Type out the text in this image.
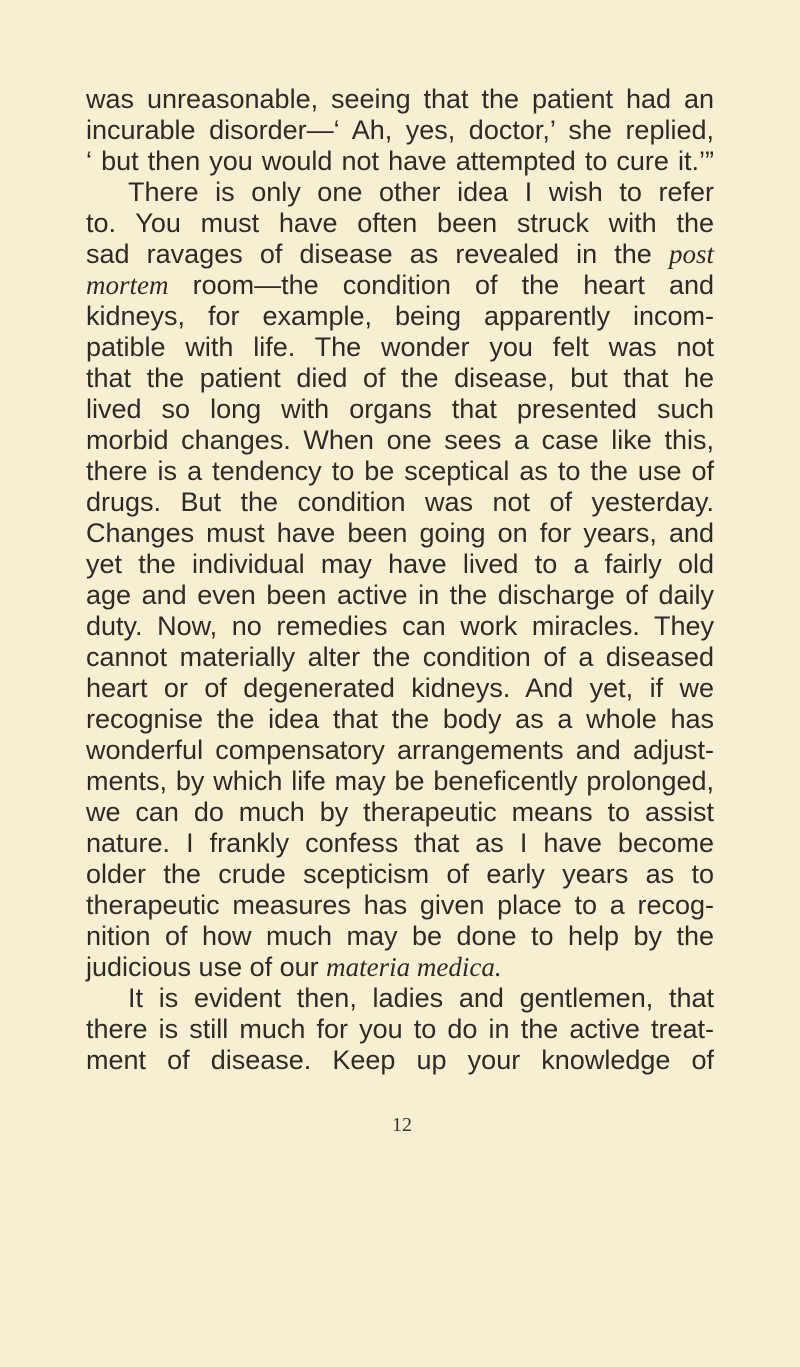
was unreasonable, seeing that the patient had an
incurable disorder—‘ Ah, yes, doctor,’ she replied,
‘ but then you would not have attempted to cure it.’”
There is only one other idea I wish to refer
to. You must have often been struck with the
sad ravages of disease as revealed in the post
mortem room—the condition of the heart and
kidneys, for example, being apparently incom-
patible with life. The wonder you felt was not
that the patient died of the disease, but that he
lived so long with organs that presented such
morbid changes. When one sees a case like this,
there is a tendency to be sceptical as to the use of
drugs. But the condition was not of yesterday.
Changes must have been going on for years, and
yet the individual may have lived to a fairly old
age and even been active in the discharge of daily
duty. Now, no remedies can work miracles. They
cannot materially alter the condition of a diseased
heart or of degenerated kidneys. And yet, if we
recognise the idea that the body as a whole has
wonderful compensatory arrangements and adjust-
ments, by which life may be beneficently prolonged,
we can do much by therapeutic means to assist
nature. I frankly confess that as I have become
older the crude scepticism of early years as to
therapeutic measures has given place to a recog-
nition of how much may be done to help by the
judicious use of our materia medica.
It is evident then, ladies and gentlemen, that
there is still much for you to do in the active treat-
ment of disease. Keep up your knowledge of
12
